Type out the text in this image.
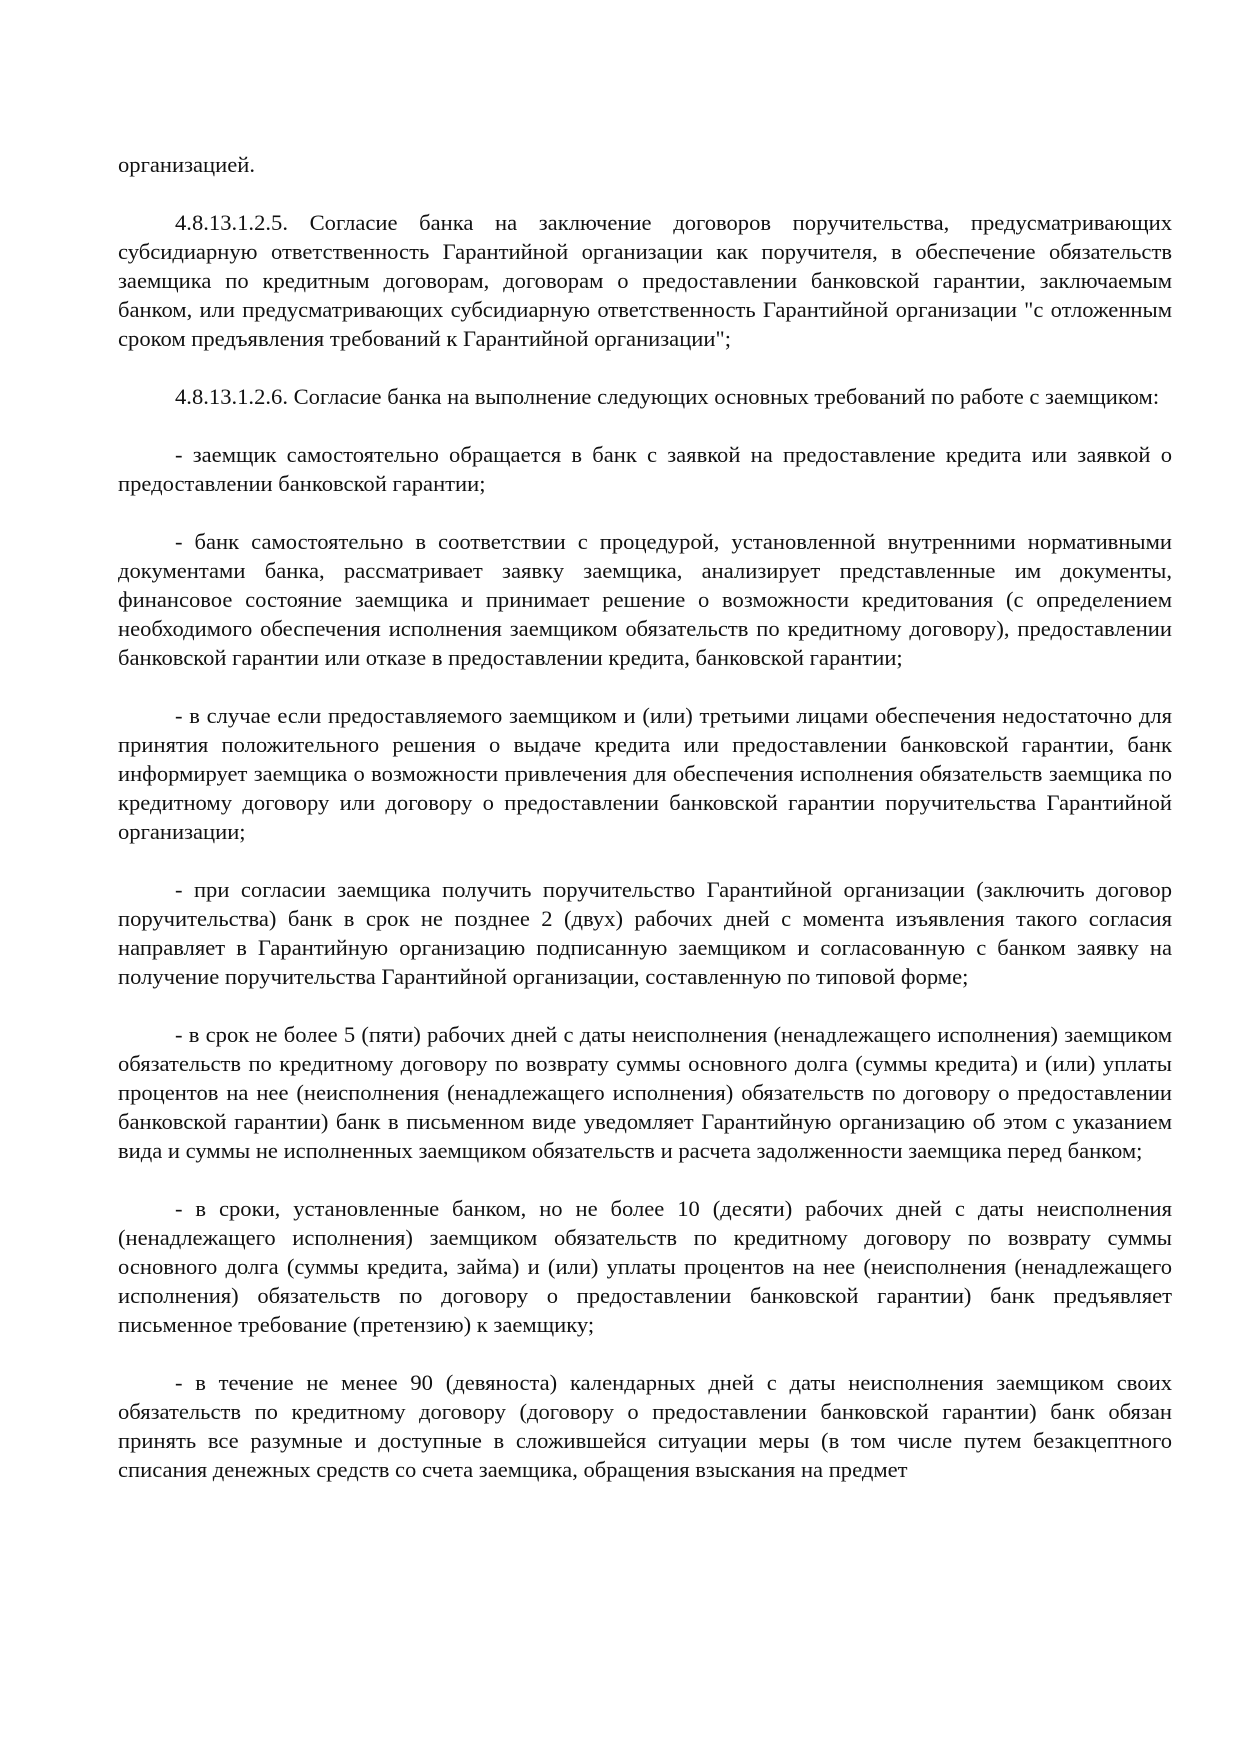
организацией.

4.8.13.1.2.5. Согласие банка на заключение договоров поручительства, предусматривающих субсидиарную ответственность Гарантийной организации как поручителя, в обеспечение обязательств заемщика по кредитным договорам, договорам о предоставлении банковской гарантии, заключаемым банком, или предусматривающих субсидиарную ответственность Гарантийной организации "с отложенным сроком предъявления требований к Гарантийной организации";

4.8.13.1.2.6. Согласие банка на выполнение следующих основных требований по работе с заемщиком:

- заемщик самостоятельно обращается в банк с заявкой на предоставление кредита или заявкой о предоставлении банковской гарантии;

- банк самостоятельно в соответствии с процедурой, установленной внутренними нормативными документами банка, рассматривает заявку заемщика, анализирует представленные им документы, финансовое состояние заемщика и принимает решение о возможности кредитования (с определением необходимого обеспечения исполнения заемщиком обязательств по кредитному договору), предоставлении банковской гарантии или отказе в предоставлении кредита, банковской гарантии;

- в случае если предоставляемого заемщиком и (или) третьими лицами обеспечения недостаточно для принятия положительного решения о выдаче кредита или предоставлении банковской гарантии, банк информирует заемщика о возможности привлечения для обеспечения исполнения обязательств заемщика по кредитному договору или договору о предоставлении банковской гарантии поручительства Гарантийной организации;

- при согласии заемщика получить поручительство Гарантийной организации (заключить договор поручительства) банк в срок не позднее 2 (двух) рабочих дней с момента изъявления такого согласия направляет в Гарантийную организацию подписанную заемщиком и согласованную с банком заявку на получение поручительства Гарантийной организации, составленную по типовой форме;

- в срок не более 5 (пяти) рабочих дней с даты неисполнения (ненадлежащего исполнения) заемщиком обязательств по кредитному договору по возврату суммы основного долга (суммы кредита) и (или) уплаты процентов на нее (неисполнения (ненадлежащего исполнения) обязательств по договору о предоставлении банковской гарантии) банк в письменном виде уведомляет Гарантийную организацию об этом с указанием вида и суммы не исполненных заемщиком обязательств и расчета задолженности заемщика перед банком;

- в сроки, установленные банком, но не более 10 (десяти) рабочих дней с даты неисполнения (ненадлежащего исполнения) заемщиком обязательств по кредитному договору по возврату суммы основного долга (суммы кредита, займа) и (или) уплаты процентов на нее (неисполнения (ненадлежащего исполнения) обязательств по договору о предоставлении банковской гарантии) банк предъявляет письменное требование (претензию) к заемщику;

- в течение не менее 90 (девяноста) календарных дней с даты неисполнения заемщиком своих обязательств по кредитному договору (договору о предоставлении банковской гарантии) банк обязан принять все разумные и доступные в сложившейся ситуации меры (в том числе путем безакцептного списания денежных средств со счета заемщика, обращения взыскания на предмет
